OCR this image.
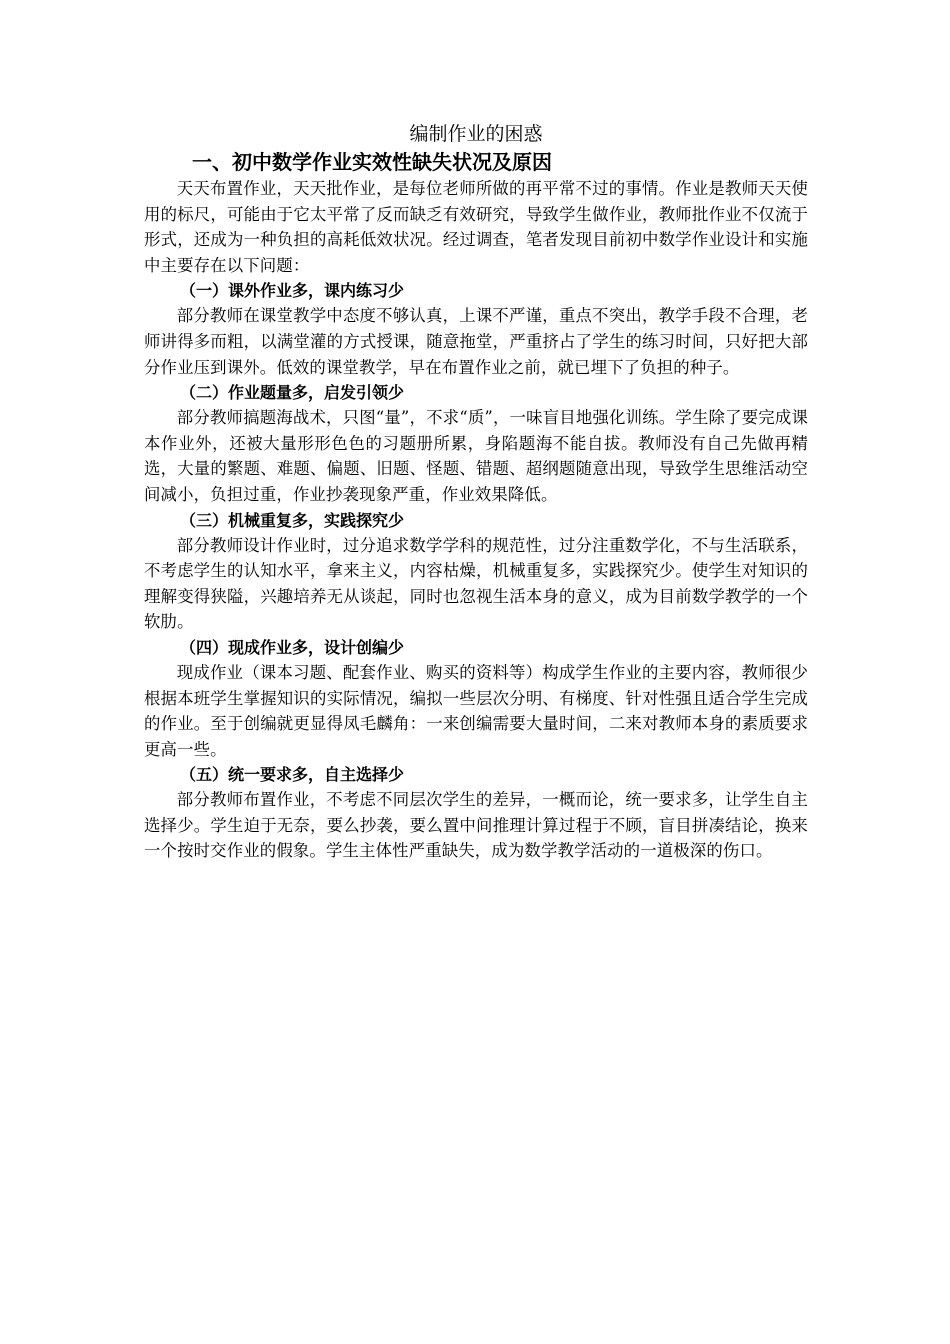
编制作业的困惑
一、初中数学作业实效性缺失状况及原因

天天布置作业，天天批作业，是每位老师所做的再平常不过的事情。作业是教师天天使用的标尺，可能由于它太平常了反而缺乏有效研究，导致学生做作业，教师批作业不仅流于形式，还成为一种负担的高耗低效状况。经过调查，笔者发现目前初中数学作业设计和实施中主要存在以下问题：

（一）课外作业多，课内练习少

部分教师在课堂教学中态度不够认真，上课不严谨，重点不突出，教学手段不合理，老师讲得多而粗，以满堂灌的方式授课，随意拖堂，严重挤占了学生的练习时间，只好把大部分作业压到课外。低效的课堂教学，早在布置作业之前，就已埋下了负担的种子。

（二）作业题量多，启发引领少

部分教师搞题海战术，只图“量”，不求“质”，一味盲目地强化训练。学生除了要完成课本作业外，还被大量形形色色的习题册所累，身陷题海不能自拔。教师没有自己先做再精选，大量的繁题、难题、偏题、旧题、怪题、错题、超纲题随意出现，导致学生思维活动空间减小，负担过重，作业抄袭现象严重，作业效果降低。

（三）机械重复多，实践探究少

部分教师设计作业时，过分追求数学学科的规范性，过分注重数学化，不与生活联系，不考虑学生的认知水平，拿来主义，内容枯燥，机械重复多，实践探究少。使学生对知识的理解变得狭隘，兴趣培养无从谈起，同时也忽视生活本身的意义，成为目前数学教学的一个软肋。

（四）现成作业多，设计创编少

现成作业（课本习题、配套作业、购买的资料等）构成学生作业的主要内容，教师很少根据本班学生掌握知识的实际情况，编拟一些层次分明、有梯度、针对性强且适合学生完成的作业。至于创编就更显得凤毛麟角：一来创编需要大量时间，二来对教师本身的素质要求更高一些。

（五）统一要求多，自主选择少

部分教师布置作业，不考虑不同层次学生的差异，一概而论，统一要求多，让学生自主选择少。学生迫于无奈，要么抄袭，要么置中间推理计算过程于不顾，盲目拼凑结论，换来一个按时交作业的假象。学生主体性严重缺失，成为数学教学活动的一道极深的伤口。
